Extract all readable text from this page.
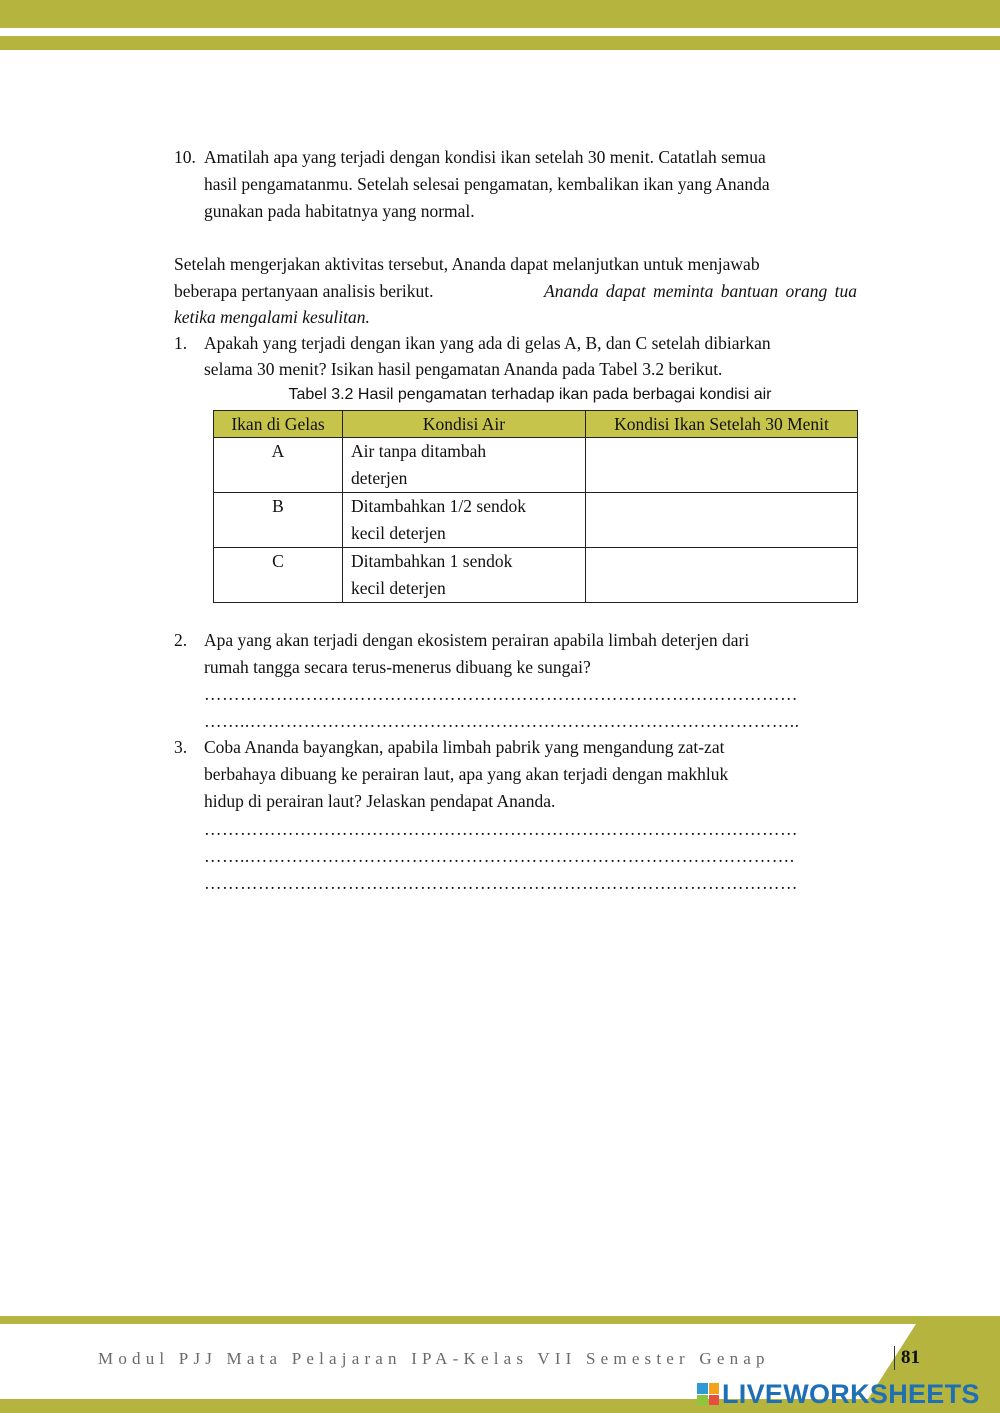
10. Amatilah apa yang terjadi dengan kondisi ikan setelah 30 menit. Catatlah semua
hasil pengamatanmu. Setelah selesai pengamatan, kembalikan ikan yang Ananda
gunakan pada habitatnya yang normal.
Setelah mengerjakan aktivitas tersebut, Ananda dapat melanjutkan untuk menjawab
beberapa pertanyaan analisis berikut.	Ananda dapat meminta bantuan orang tua
ketika mengalami kesulitan.
1. Apakah yang terjadi dengan ikan yang ada di gelas A, B, dan C setelah dibiarkan
selama 30 menit? Isikan hasil pengamatan Ananda pada Tabel 3.2 berikut.
Tabel 3.2 Hasil pengamatan terhadap ikan pada berbagai kondisi air
Ikan di Gelas	Kondisi Air	Kondisi Ikan Setelah 30 Menit
A	Air tanpa ditambah
deterjen	

B	Ditambahkan 1/2 sendok
kecil deterjen	

C	Ditambahkan 1 sendok
kecil deterjen	

2. Apa yang akan terjadi dengan ekosistem perairan apabila limbah deterjen dari
rumah tangga secara terus-menerus dibuang ke sungai?
………………………………………………………………………………………
……..………………………………………………………………………………..
3. Coba Ananda bayangkan, apabila limbah pabrik yang mengandung zat-zat
berbahaya dibuang ke perairan laut, apa yang akan terjadi dengan makhluk
hidup di perairan laut? Jelaskan pendapat Ananda.
………………………………………………………………………………………
……..……………………………………………………………………………….
………………………………………………………………………………………
Modul PJJ Mata Pelajaran IPA-Kelas VII Semester Genap	81
LIVEWORKSHEETS
